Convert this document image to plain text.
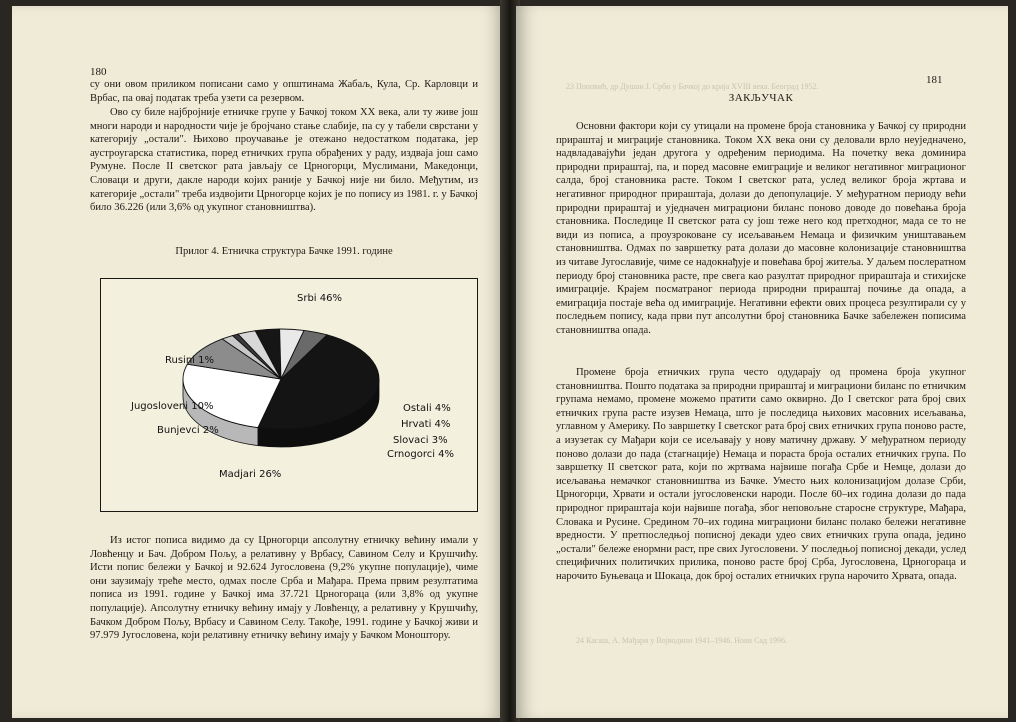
180

су они овом приликом пописани само у општинама Жабаљ, Кула, Ср. Карловци и Врбас, па овај податак треба узети са резервом.

Ово су биле најбројније етничке групе у Бачкој током XX века, али ту живе још многи народи и народности чије је бројчано стање слабије, па су у табели сврстани у категорију „остали". Њихово проучавање је отежано недостатком података, јер аустроугарска статистика, поред етничких група обрађених у раду, издваја још само Румуне. После II светског рата јављају се Црногорци, Муслимани, Македонци, Словаци и други, дакле народи којих раније у Бачкој није ни било. Међутим, из категорије „остали" треба издвојити Црногорце којих је по попису из 1981. г. у Бачкој било 36.226 (или 3,6% од укупног становништва).

Прилог 4. Етничка структура Бачке 1991. године
Srbi 46%
Madjari 26%
Jugosloveni 10%
Bunjevci 2%
Rusini 1%
Slovaci 3%
Crnogorci 4%
Hrvati 4%
Ostali 4%

Из истог пописа видимо да су Црногорци апсолутну етничку већину имали у Ловћенцу и Бач. Добром Пољу, а релативну у Врбасу, Савином Селу и Крушчићу. Исти попис бележи у Бачкој и 92.624 Југословена (9,2% укупне популације), чиме они заузимају треће место, одмах после Срба и Мађара. Према првим резултатима пописа из 1991. године у Бачкој има 37.721 Црногораца (или 3,8% од укупне популације). Апсолутну етничку већину имају у Ловћенцу, а релативну у Крушчићу, Бачком Добром Пољу, Врбасу и Савином Селу. Такође, 1991. године у Бачкој живи и 97.979 Југословена, који релативну етничку већину имају у Бачком Моноштору.

23 Поповић, др Душан Ј. Срби у Бачкој до краја XVIII века. Београд 1952.
181
ЗАКЉУЧАК

Основни фактори који су утицали на промене броја становника у Бачкој су природни прираштај и миграције становника. Током XX века они су деловали врло неуједначено, надвладавајући један другога у одређеним периодима. На почетку века доминира природни прираштај, па, и поред масовне емиграције и великог негативног миграционог салда, број становника расте. Током I светског рата, услед великог броја жртава и негативног природног прираштаја, долази до депопулације. У међуратном периоду већи природни прираштај и уједначен миграциони биланс поново доводе до повећања броја становника. Последице II светског рата су још теже него код претходног, мада се то не види из пописа, а проузроковане су исељавањем Немаца и физичким уништавањем становништва. Одмах по завршетку рата долази до масовне колонизације становништва из читаве Југославије, чиме се надокнађује и повећава број житеља. У даљем послератном периоду број становника расте, пре свега као разултат природног прираштаја и стихијске имиграције. Крајем посматраног периода природни прираштај почиње да опада, а емиграција постаје већа од имиграције. Негативни ефекти ових процеса резултирали су у последњем попису, када први пут апсолутни број становника Бачке забележен пописима становништва опада.

Промене броја етничких група често одударају од промена броја укупног становништва. Пошто података за природни прираштај и миграциони биланс по етничким групама немамо, промене можемо пратити само оквирно. До I светског рата број свих етничких група расте изузев Немаца, што је последица њихових масовних исељавања, углавном у Америку. По завршетку I светског рата број свих етничких група поново расте, а изузетак су Мађари који се исељавају у нову матичну државу. У међуратном периоду поново долази до пада (стагнације) Немаца и пораста броја осталих етничких група. По завршетку II светског рата, који по жртвама највише погађа Србе и Немце, долази до исељавања немачког становништва из Бачке. Уместо њих колонизацијом долазе Срби, Црногорци, Хрвати и остали југословенски народи. После 60–их година долази до пада природног прираштаја који највише погађа, због неповољне старосне структуре, Мађара, Словака и Русине. Средином 70–их година миграциони биланс полако бележи негативне вредности. У претпоследњој пописној декади удео свих етничких група опада, једино „остали" бележе енормни раст, пре свих Југословени. У последњој пописној декади, услед специфичних политичких прилика, поново расте број Срба, Југословена, Црногораца и нарочито Буњеваца и Шокаца, док број осталих етничких група нарочито Хрвата, опада.

24 Касаш, А. Мађари у Војводини 1941–1946. Нови Сад 1996.
